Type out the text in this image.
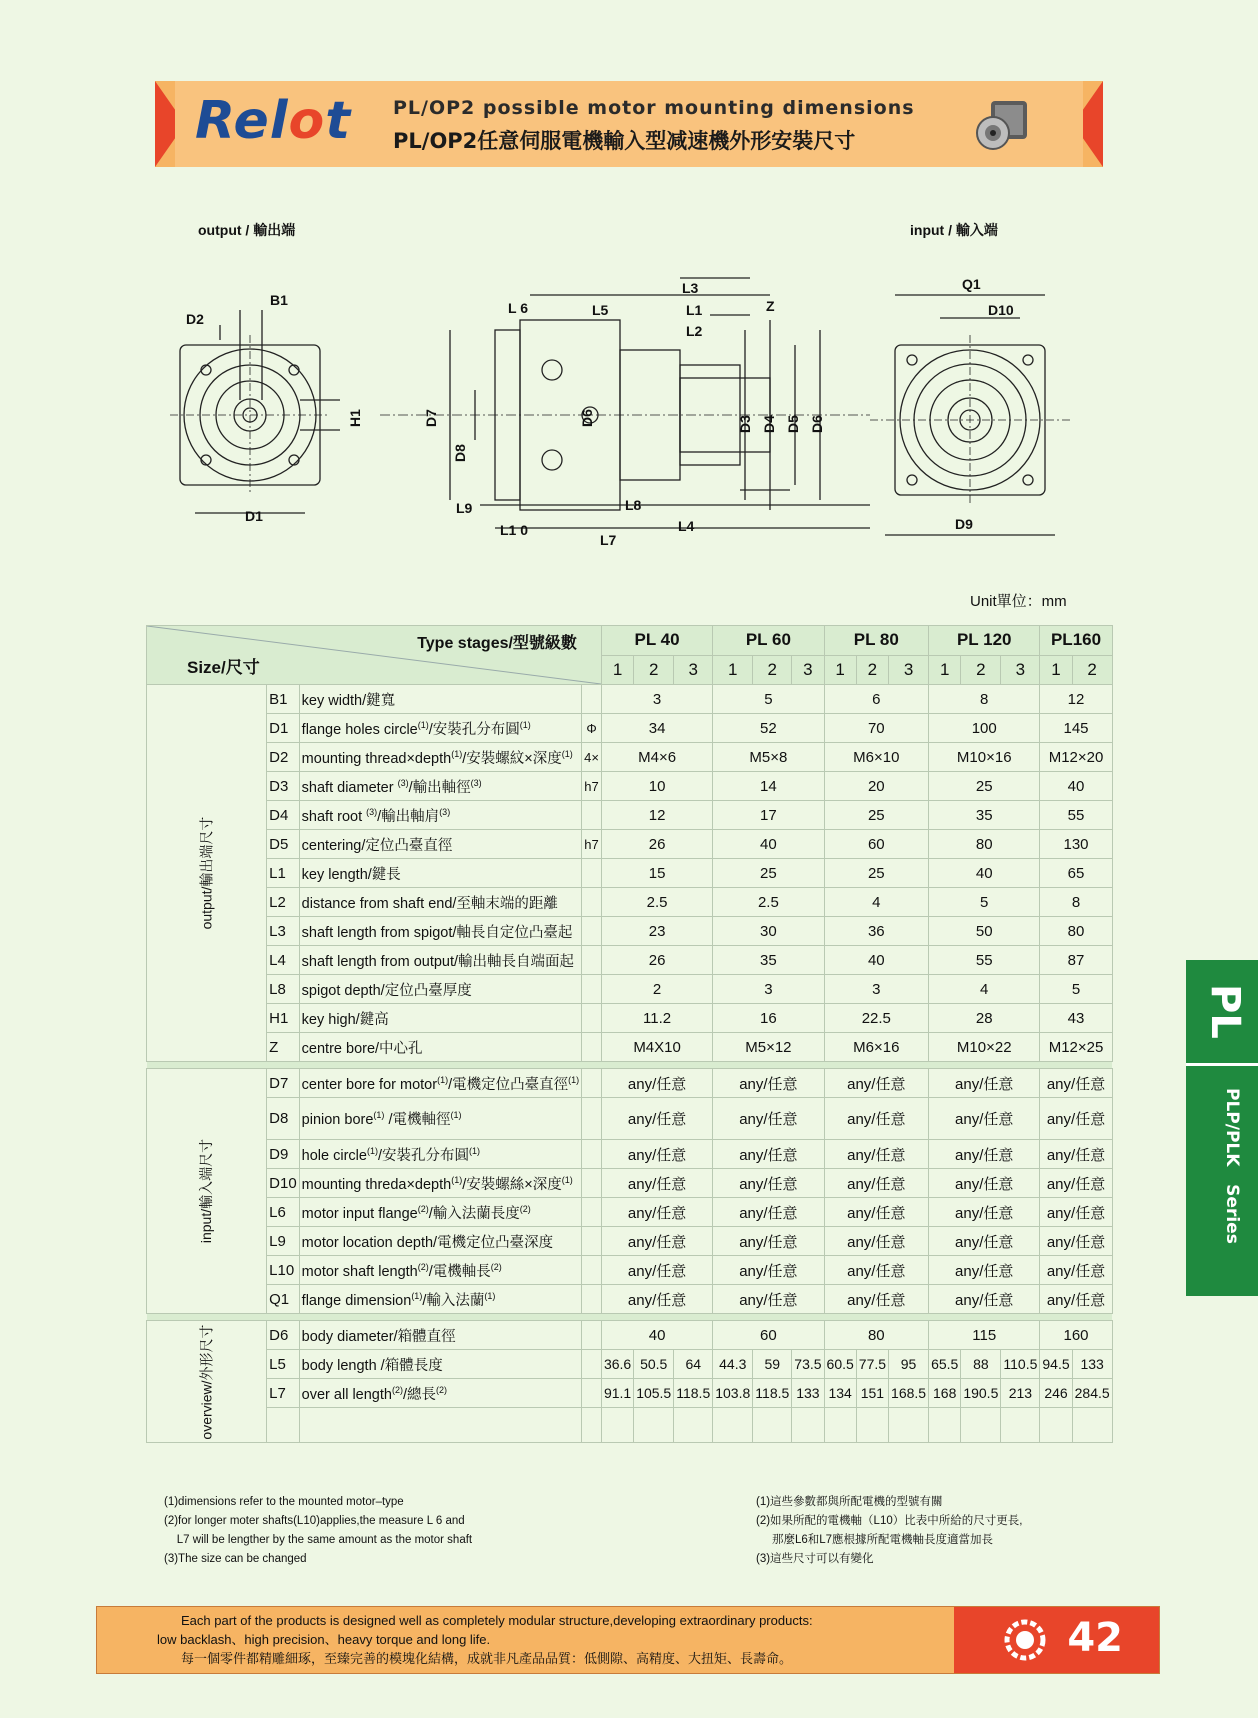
Relot PL/OP2 possible motor mounting dimensions
PL/OP2任意伺服電機輸入型减速機外形安裝尺寸
output / 輸出端	input / 輸入端
B1
D2
H1
D1
L 6	L5
L3
L1
L2
Z
D7
D8
D6	D3 D4 D5 D6
L9
L1 0
L8
L4
L7
Q1
D10
D9
Unit單位：mm
Type stages/型號級數
Size/尺寸				PL 40			PL 60			PL 80			PL 120			PL160	
				1	2	3	1	2	3	1	2	3	1	2	3	1	2
output/輸出端尺寸	B1	key width/鍵寬		3			5			6			8			12	
	D1	flange holes circle$^{(1)}$/安裝孔分布圓$^{(1)}$	Φ	34			52			70			100			145	
	D2	mounting thread×depth$^{(1)}$/安裝螺紋×深度$^{(1)}$	4×	M4×6			M5×8			M6×10			M10×16			M12×20	
	D3	shaft diameter $^{(3)}$/輸出軸徑$^{(3)}$	h7	10			14			20			25			40	
	D4	shaft root $^{(3)}$/輸出軸肩$^{(3)}$		12			17			25			35			55	
	D5	centering/定位凸臺直徑	h7	26			40			60			80			130	
	L1	key length/鍵長		15			25			25			40			65	
	L2	distance from shaft end/至軸末端的距離		2.5			2.5			4			5			8	
	L3	shaft length from spigot/軸長自定位凸臺起		23			30			36			50			80	
	L4	shaft length from output/輸出軸長自端面起		26			35			40			55			87	
	L8	spigot depth/定位凸臺厚度		2			3			3			4			5	
	H1	key high/鍵高		11.2			16			22.5			28			43	
	Z	centre bore/中心孔		M4X10			M5×12			M6×16			M10×22			M12×25	

input/輸入端尺寸	D7	center bore for motor$^{(1)}$/電機定位凸臺直徑$^{(1)}$		any/任意			any/任意			any/任意			any/任意			any/任意	
	D8	pinion bore$^{(1)}$ /電機軸徑$^{(1)}$		any/任意			any/任意			any/任意			any/任意			any/任意	
	D9	hole circle$^{(1)}$/安裝孔分布圓$^{(1)}$		any/任意			any/任意			any/任意			any/任意			any/任意	
	D10	mounting threda×depth$^{(1)}$/安裝螺絲×深度$^{(1)}$		any/任意			any/任意			any/任意			any/任意			any/任意	
	L6	motor input flange$^{(2)}$/輸入法蘭長度$^{(2)}$		any/任意			any/任意			any/任意			any/任意			any/任意	
	L9	motor location depth/電機定位凸臺深度		any/任意			any/任意			any/任意			any/任意			any/任意	
	L10	motor shaft length$^{(2)}$/電機軸長$^{(2)}$		any/任意			any/任意			any/任意			any/任意			any/任意	
	Q1	flange dimension$^{(1)}$/輸入法蘭$^{(1)}$		any/任意			any/任意			any/任意			any/任意			any/任意	

overview/外形尺寸	D6	body diameter/箱體直徑		40			60			80			115			160	
	L5	body length /箱體長度		36.6	50.5	64	44.3	59	73.5	60.5	77.5	95	65.5	88	110.5	94.5	133
	L7	over all length$^{(2)}$/總長$^{(2)}$		91.1	105.5	118.5	103.8	118.5	133	134	151	168.5	168	190.5	213	246	284.5

(1)dimensions refer to the mounted motor–type
(2)for longer moter shafts(L10)applies,the measure L 6 and
L7 will be lengther by the same amount as the motor shaft
(3)The size can be changed
(1)這些參數都與所配電機的型號有關
(2)如果所配的電機軸（L10）比表中所給的尺寸更長,
那麼L6和L7應根據所配電機軸長度適當加長
(3)這些尺寸可以有變化
PL
PLP/PLK   Series
Each part of the products is designed well as completely modular structure,developing extraordinary products:
low backlash、high precision、heavy torque and long life.
每一個零件都精雕細琢，至臻完善的模塊化結構，成就非凡產品品質：低側隙、高精度、大扭矩、長壽命。	42
